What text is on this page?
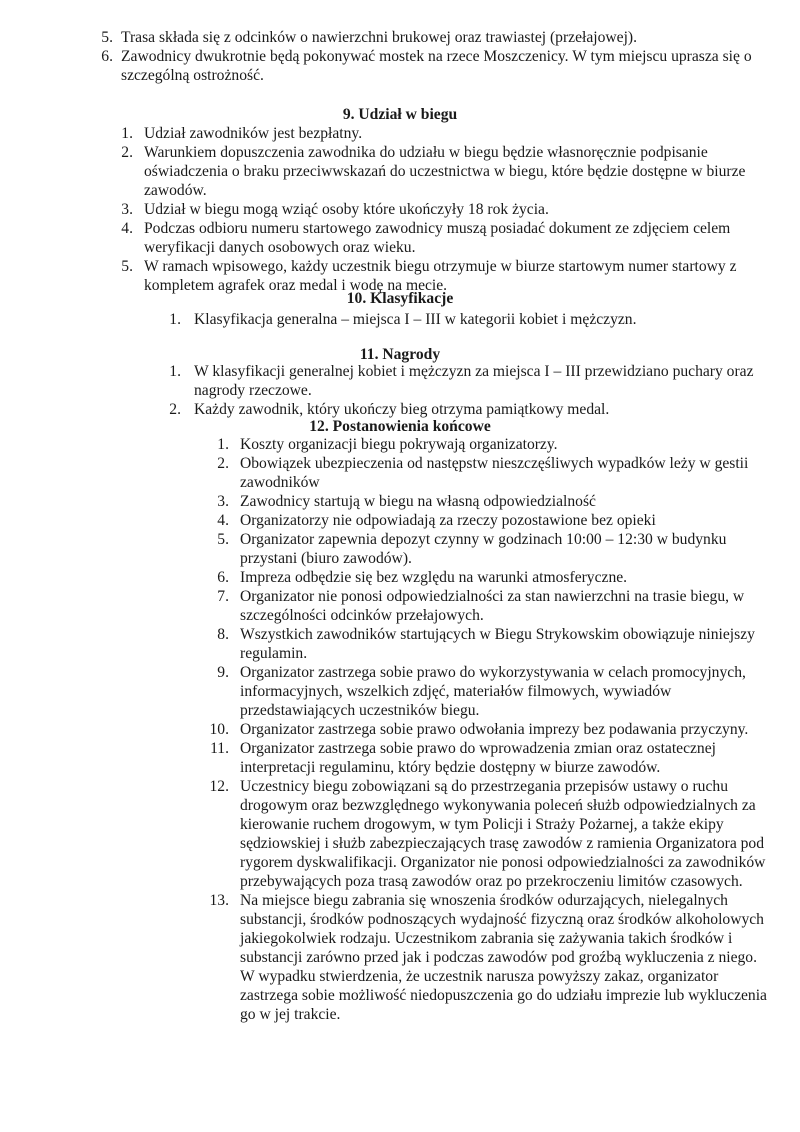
5. Trasa składa się z odcinków o nawierzchni brukowej oraz trawiastej (przełajowej).
6. Zawodnicy dwukrotnie będą pokonywać mostek na rzece Moszczenicy. W tym miejscu uprasza się o szczególną ostrożność.
9. Udział w biegu
1. Udział zawodników jest bezpłatny.
2. Warunkiem dopuszczenia zawodnika do udziału w biegu będzie własnoręcznie podpisanie oświadczenia o braku przeciwwskazań do uczestnictwa w biegu, które będzie dostępne w biurze zawodów.
3. Udział w biegu mogą wziąć osoby które ukończyły 18 rok życia.
4. Podczas odbioru numeru startowego zawodnicy muszą posiadać dokument ze zdjęciem celem weryfikacji danych osobowych oraz wieku.
5. W ramach wpisowego, każdy uczestnik biegu otrzymuje w biurze startowym numer startowy z kompletem agrafek oraz medal i wodę na mecie.
10. Klasyfikacje
1. Klasyfikacja generalna – miejsca I – III w kategorii kobiet i mężczyzn.
11. Nagrody
1. W klasyfikacji generalnej kobiet i mężczyzn za miejsca I – III przewidziano puchary oraz nagrody rzeczowe.
2. Każdy zawodnik, który ukończy bieg otrzyma pamiątkowy medal.
12. Postanowienia końcowe
1. Koszty organizacji biegu pokrywają organizatorzy.
2. Obowiązek ubezpieczenia od następstw nieszczęśliwych wypadków leży w gestii zawodników
3. Zawodnicy startują w biegu na własną odpowiedzialność
4. Organizatorzy nie odpowiadają za rzeczy pozostawione bez opieki
5. Organizator zapewnia depozyt czynny w godzinach 10:00 – 12:30 w budynku przystani (biuro zawodów).
6. Impreza odbędzie się bez względu na warunki atmosferyczne.
7. Organizator nie ponosi odpowiedzialności za stan nawierzchni na trasie biegu, w szczególności odcinków przełajowych.
8. Wszystkich zawodników startujących w Biegu Strykowskim obowiązuje niniejszy regulamin.
9. Organizator zastrzega sobie prawo do wykorzystywania w celach promocyjnych, informacyjnych, wszelkich zdjęć, materiałów filmowych, wywiadów przedstawiających uczestników biegu.
10. Organizator zastrzega sobie prawo odwołania imprezy bez podawania przyczyny.
11. Organizator zastrzega sobie prawo do wprowadzenia zmian oraz ostatecznej interpretacji regulaminu, który będzie dostępny w biurze zawodów.
12. Uczestnicy biegu zobowiązani są do przestrzegania przepisów ustawy o ruchu drogowym oraz bezwzględnego wykonywania poleceń służb odpowiedzialnych za kierowanie ruchem drogowym, w tym Policji i Straży Pożarnej, a także ekipy sędziowskiej i służb zabezpieczających trasę zawodów z ramienia Organizatora pod rygorem dyskwalifikacji. Organizator nie ponosi odpowiedzialności za zawodników przebywających poza trasą zawodów oraz po przekroczeniu limitów czasowych.
13. Na miejsce biegu zabrania się wnoszenia środków odurzających, nielegalnych substancji, środków podnoszących wydajność fizyczną oraz środków alkoholowych jakiegokolwiek rodzaju. Uczestnikom zabrania się zażywania takich środków i substancji zarówno przed jak i podczas zawodów pod groźbą wykluczenia z niego. W wypadku stwierdzenia, że uczestnik narusza powyższy zakaz, organizator zastrzega sobie możliwość niedopuszczenia go do udziału imprezie lub wykluczenia go w jej trakcie.
